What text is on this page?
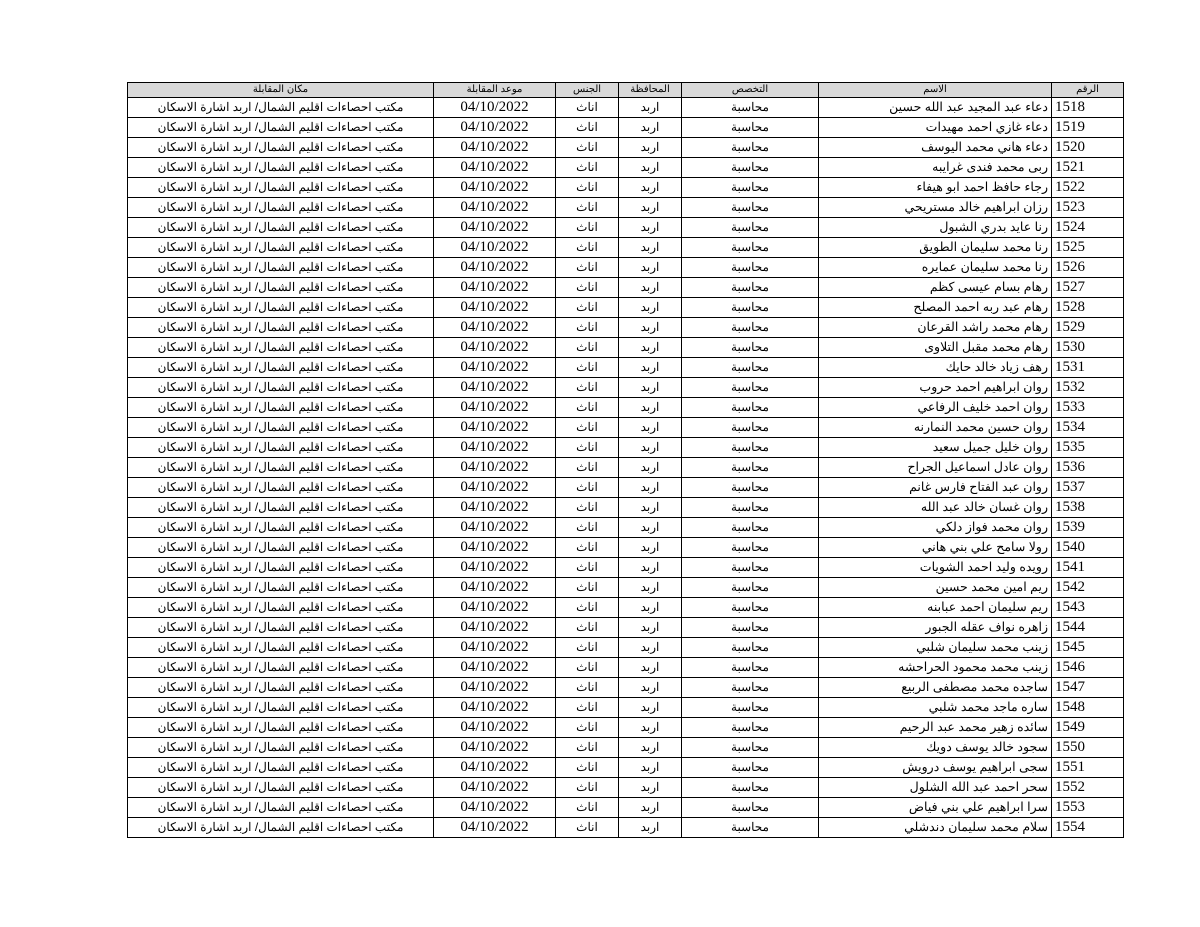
الرقم	الاسم	التخصص	المحافظة	الجنس	موعد المقابلة	مكان المقابلة
1518	دعاء عبد المجيد عبد الله حسين	محاسبة	اربد	اناث	04/10/2022	مكتب احصاءات اقليم الشمال/ اربد اشارة الاسكان
1519	دعاء غازي احمد مهيدات	محاسبة	اربد	اناث	04/10/2022	مكتب احصاءات اقليم الشمال/ اربد اشارة الاسكان
1520	دعاء هاني محمد اليوسف	محاسبة	اربد	اناث	04/10/2022	مكتب احصاءات اقليم الشمال/ اربد اشارة الاسكان
1521	ربى محمد فندى غرايبه	محاسبة	اربد	اناث	04/10/2022	مكتب احصاءات اقليم الشمال/ اربد اشارة الاسكان
1522	رجاء حافظ احمد ابو هيفاء	محاسبة	اربد	اناث	04/10/2022	مكتب احصاءات اقليم الشمال/ اربد اشارة الاسكان
1523	رزان ابراهيم خالد مستريحي	محاسبة	اربد	اناث	04/10/2022	مكتب احصاءات اقليم الشمال/ اربد اشارة الاسكان
1524	رنا عايد بدري الشبول	محاسبة	اربد	اناث	04/10/2022	مكتب احصاءات اقليم الشمال/ اربد اشارة الاسكان
1525	رنا محمد سليمان الطويق	محاسبة	اربد	اناث	04/10/2022	مكتب احصاءات اقليم الشمال/ اربد اشارة الاسكان
1526	رنا محمد سليمان عمايره	محاسبة	اربد	اناث	04/10/2022	مكتب احصاءات اقليم الشمال/ اربد اشارة الاسكان
1527	رهام بسام عيسى كظم	محاسبة	اربد	اناث	04/10/2022	مكتب احصاءات اقليم الشمال/ اربد اشارة الاسكان
1528	رهام عبد ربه احمد المصلح	محاسبة	اربد	اناث	04/10/2022	مكتب احصاءات اقليم الشمال/ اربد اشارة الاسكان
1529	رهام محمد راشد القرعان	محاسبة	اربد	اناث	04/10/2022	مكتب احصاءات اقليم الشمال/ اربد اشارة الاسكان
1530	رهام محمد مقبل التلاوى	محاسبة	اربد	اناث	04/10/2022	مكتب احصاءات اقليم الشمال/ اربد اشارة الاسكان
1531	رهف زياد خالد حايك	محاسبة	اربد	اناث	04/10/2022	مكتب احصاءات اقليم الشمال/ اربد اشارة الاسكان
1532	روان ابراهيم احمد حروب	محاسبة	اربد	اناث	04/10/2022	مكتب احصاءات اقليم الشمال/ اربد اشارة الاسكان
1533	روان احمد خليف الرفاعي	محاسبة	اربد	اناث	04/10/2022	مكتب احصاءات اقليم الشمال/ اربد اشارة الاسكان
1534	روان حسين محمد النمارنه	محاسبة	اربد	اناث	04/10/2022	مكتب احصاءات اقليم الشمال/ اربد اشارة الاسكان
1535	روان خليل جميل سعيد	محاسبة	اربد	اناث	04/10/2022	مكتب احصاءات اقليم الشمال/ اربد اشارة الاسكان
1536	روان عادل اسماعيل الجراح	محاسبة	اربد	اناث	04/10/2022	مكتب احصاءات اقليم الشمال/ اربد اشارة الاسكان
1537	روان عبد الفتاح فارس غانم	محاسبة	اربد	اناث	04/10/2022	مكتب احصاءات اقليم الشمال/ اربد اشارة الاسكان
1538	روان غسان خالد عبد الله	محاسبة	اربد	اناث	04/10/2022	مكتب احصاءات اقليم الشمال/ اربد اشارة الاسكان
1539	روان محمد فواز دلكي	محاسبة	اربد	اناث	04/10/2022	مكتب احصاءات اقليم الشمال/ اربد اشارة الاسكان
1540	رولا سامح علي بني هاني	محاسبة	اربد	اناث	04/10/2022	مكتب احصاءات اقليم الشمال/ اربد اشارة الاسكان
1541	رويده وليد احمد الشويات	محاسبة	اربد	اناث	04/10/2022	مكتب احصاءات اقليم الشمال/ اربد اشارة الاسكان
1542	ريم امين محمد حسين	محاسبة	اربد	اناث	04/10/2022	مكتب احصاءات اقليم الشمال/ اربد اشارة الاسكان
1543	ريم سليمان احمد عبابنه	محاسبة	اربد	اناث	04/10/2022	مكتب احصاءات اقليم الشمال/ اربد اشارة الاسكان
1544	زاهره نواف عقله الجبور	محاسبة	اربد	اناث	04/10/2022	مكتب احصاءات اقليم الشمال/ اربد اشارة الاسكان
1545	زينب محمد سليمان شلبي	محاسبة	اربد	اناث	04/10/2022	مكتب احصاءات اقليم الشمال/ اربد اشارة الاسكان
1546	زينب محمد محمود الحراحشه	محاسبة	اربد	اناث	04/10/2022	مكتب احصاءات اقليم الشمال/ اربد اشارة الاسكان
1547	ساجده محمد مصطفى الربيع	محاسبة	اربد	اناث	04/10/2022	مكتب احصاءات اقليم الشمال/ اربد اشارة الاسكان
1548	ساره ماجد محمد شلبي	محاسبة	اربد	اناث	04/10/2022	مكتب احصاءات اقليم الشمال/ اربد اشارة الاسكان
1549	سائده زهير محمد عبد الرحيم	محاسبة	اربد	اناث	04/10/2022	مكتب احصاءات اقليم الشمال/ اربد اشارة الاسكان
1550	سجود خالد يوسف دويك	محاسبة	اربد	اناث	04/10/2022	مكتب احصاءات اقليم الشمال/ اربد اشارة الاسكان
1551	سجى ابراهيم يوسف درويش	محاسبة	اربد	اناث	04/10/2022	مكتب احصاءات اقليم الشمال/ اربد اشارة الاسكان
1552	سحر احمد عبد الله الشلول	محاسبة	اربد	اناث	04/10/2022	مكتب احصاءات اقليم الشمال/ اربد اشارة الاسكان
1553	سرا ابراهيم علي بني فياض	محاسبة	اربد	اناث	04/10/2022	مكتب احصاءات اقليم الشمال/ اربد اشارة الاسكان
1554	سلام محمد سليمان دندشلي	محاسبة	اربد	اناث	04/10/2022	مكتب احصاءات اقليم الشمال/ اربد اشارة الاسكان
